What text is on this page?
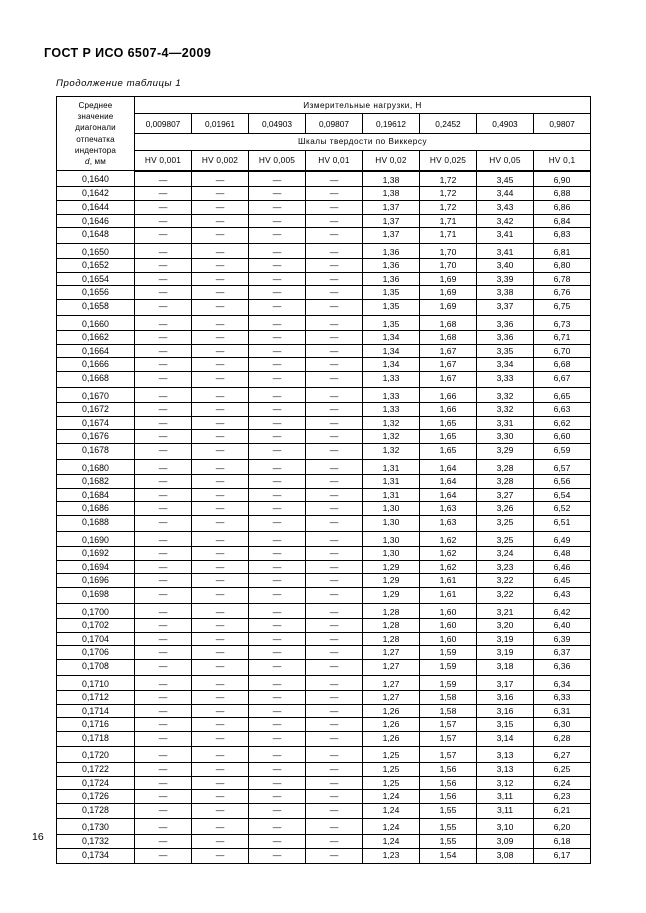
ГОСТ Р ИСО 6507-4—2009
Продолжение таблицы 1
Среднее
значение
диагонали
отпечатка
индентора
d, мм	Измерительные нагрузки, Н
	0,009807	0,01961	0,04903	0,09807	0,19612	0,2452	0,4903	0,9807
	Шкалы твердости по Виккерсу							
	HV 0,001	HV 0,002	HV 0,005	HV 0,01	HV 0,02	HV 0,025	HV 0,05	HV 0,1
0,1640	—	—	—	—	1,38	1,72	3,45	6,90
0,1642	—	—	—	—	1,38	1,72	3,44	6,88
0,1644	—	—	—	—	1,37	1,72	3,43	6,86
0,1646	—	—	—	—	1,37	1,71	3,42	6,84
0,1648	—	—	—	—	1,37	1,71	3,41	6,83
0,1650	—	—	—	—	1,36	1,70	3,41	6,81
0,1652	—	—	—	—	1,36	1,70	3,40	6,80
0,1654	—	—	—	—	1,36	1,69	3,39	6,78
0,1656	—	—	—	—	1,35	1,69	3,38	6,76
0,1658	—	—	—	—	1,35	1,69	3,37	6,75
0,1660	—	—	—	—	1,35	1,68	3,36	6,73
0,1662	—	—	—	—	1,34	1,68	3,36	6,71
0,1664	—	—	—	—	1,34	1,67	3,35	6,70
0,1666	—	—	—	—	1,34	1,67	3,34	6,68
0,1668	—	—	—	—	1,33	1,67	3,33	6,67
0,1670	—	—	—	—	1,33	1,66	3,32	6,65
0,1672	—	—	—	—	1,33	1,66	3,32	6,63
0,1674	—	—	—	—	1,32	1,65	3,31	6,62
0,1676	—	—	—	—	1,32	1,65	3,30	6,60
0,1678	—	—	—	—	1,32	1,65	3,29	6,59
0,1680	—	—	—	—	1,31	1,64	3,28	6,57
0,1682	—	—	—	—	1,31	1,64	3,28	6,56
0,1684	—	—	—	—	1,31	1,64	3,27	6,54
0,1686	—	—	—	—	1,30	1,63	3,26	6,52
0,1688	—	—	—	—	1,30	1,63	3,25	6,51
0,1690	—	—	—	—	1,30	1,62	3,25	6,49
0,1692	—	—	—	—	1,30	1,62	3,24	6,48
0,1694	—	—	—	—	1,29	1,62	3,23	6,46
0,1696	—	—	—	—	1,29	1,61	3,22	6,45
0,1698	—	—	—	—	1,29	1,61	3,22	6,43
0,1700	—	—	—	—	1,28	1,60	3,21	6,42
0,1702	—	—	—	—	1,28	1,60	3,20	6,40
0,1704	—	—	—	—	1,28	1,60	3,19	6,39
0,1706	—	—	—	—	1,27	1,59	3,19	6,37
0,1708	—	—	—	—	1,27	1,59	3,18	6,36
0,1710	—	—	—	—	1,27	1,59	3,17	6,34
0,1712	—	—	—	—	1,27	1,58	3,16	6,33
0,1714	—	—	—	—	1,26	1,58	3,16	6,31
0,1716	—	—	—	—	1,26	1,57	3,15	6,30
0,1718	—	—	—	—	1,26	1,57	3,14	6,28
0,1720	—	—	—	—	1,25	1,57	3,13	6,27
0,1722	—	—	—	—	1,25	1,56	3,13	6,25
0,1724	—	—	—	—	1,25	1,56	3,12	6,24
0,1726	—	—	—	—	1,24	1,56	3,11	6,23
0,1728	—	—	—	—	1,24	1,55	3,11	6,21
0,1730	—	—	—	—	1,24	1,55	3,10	6,20
0,1732	—	—	—	—	1,24	1,55	3,09	6,18
0,1734	—	—	—	—	1,23	1,54	3,08	6,17
16
